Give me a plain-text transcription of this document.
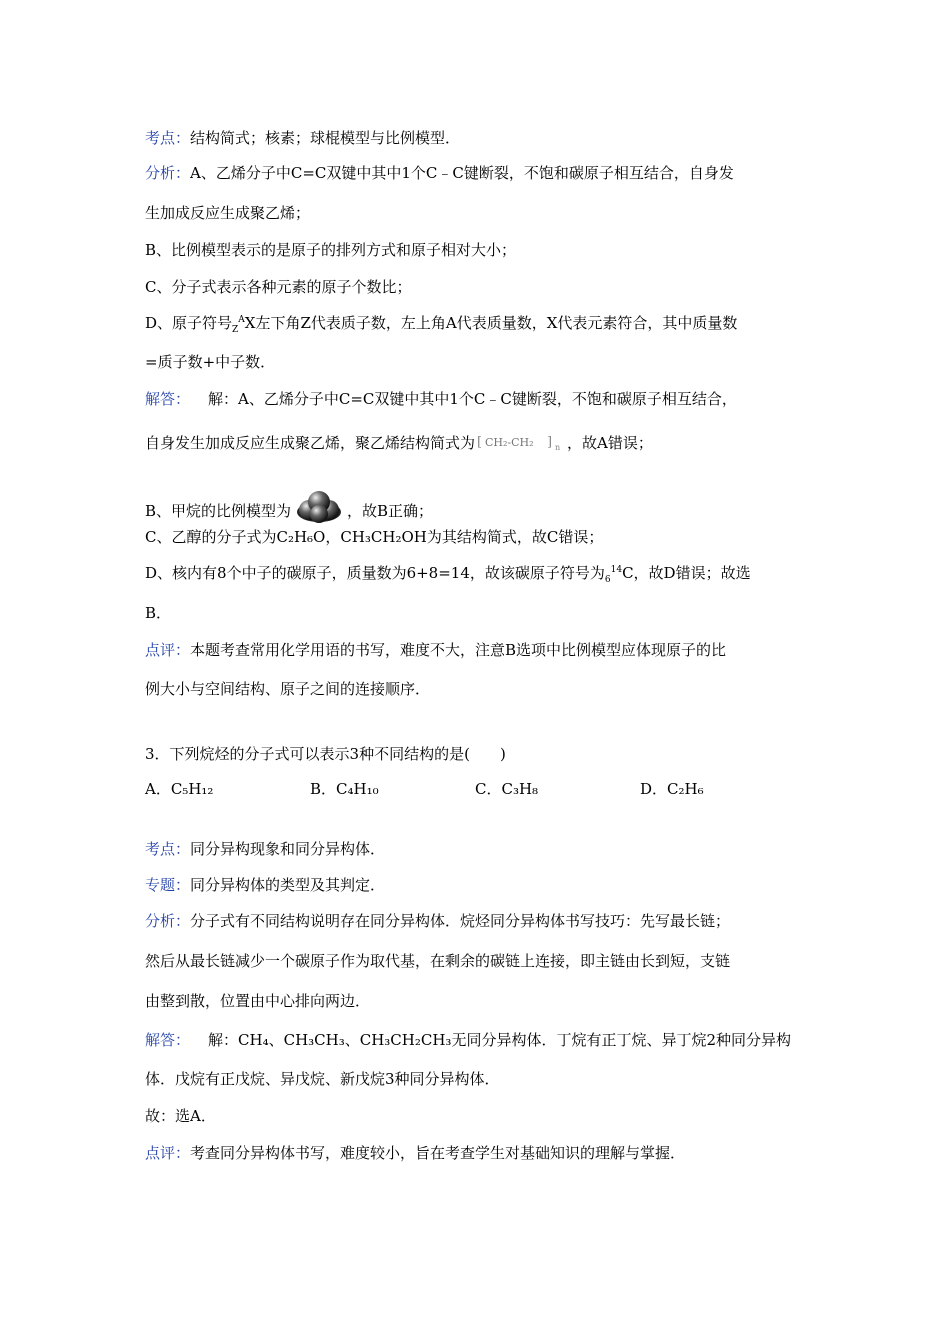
考点：结构简式；核素；球棍模型与比例模型．
分析：A、乙烯分子中C=C双键中其中1个C﹣C键断裂，不饱和碳原子相互结合，自身发
生加成反应生成聚乙烯；
B、比例模型表示的是原子的排列方式和原子相对大小；
C、分子式表示各种元素的原子个数比；
D、原子符号$_Z^A$X左下角Z代表质子数，左上角A代表质量数，X代表元素符合，其中质量数
=质子数+中子数．
解答： 解：A、乙烯分子中C=C双键中其中1个C﹣C键断裂，不饱和碳原子相互结合，
自身发生加成反应生成聚乙烯，聚乙烯结构简式为 [ CH₂-CH₂ ] n ，故A错误；
B、甲烷的比例模型为	，故B正确；
C、乙醇的分子式为C₂H₆O，CH₃CH₂OH为其结构简式，故C错误；
D、核内有8个中子的碳原子，质量数为6+8=14，故该碳原子符号为$_6^{14}$C，故D错误；故选
B．
点评：本题考查常用化学用语的书写，难度不大，注意B选项中比例模型应体现原子的比
例大小与空间结构、原子之间的连接顺序．
3．下列烷烃的分子式可以表示3种不同结构的是(　　)
A．C₅H₁₂	B．C₄H₁₀	C．C₃H₈	D．C₂H₆
考点：同分异构现象和同分异构体．
专题：同分异构体的类型及其判定．
分析：分子式有不同结构说明存在同分异构体．烷烃同分异构体书写技巧：先写最长链；
然后从最长链减少一个碳原子作为取代基，在剩余的碳链上连接，即主链由长到短，支链
由整到散，位置由中心排向两边．
解答： 解：CH₄、CH₃CH₃、CH₃CH₂CH₃无同分异构体．丁烷有正丁烷、异丁烷2种同分异构
体．戊烷有正戊烷、异戊烷、新戊烷3种同分异构体．
故：选A．
点评：考查同分异构体书写，难度较小，旨在考查学生对基础知识的理解与掌握．
